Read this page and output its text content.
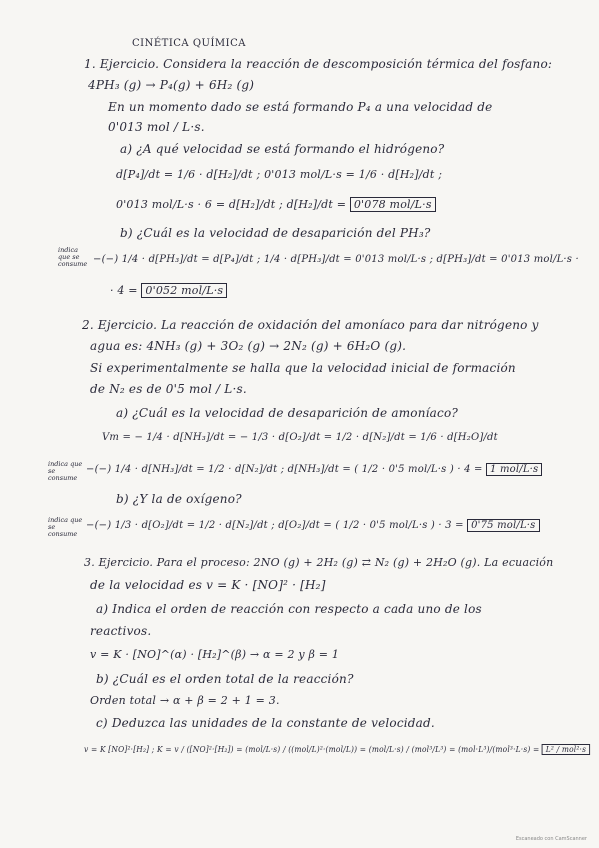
CINÉTICA QUÍMICA
1. Ejercicio. Considera la reacción de descomposición térmica del fosfano:
4PH₃ (g) → P₄(g) + 6H₂ (g)
En un momento dado se está formando P₄ a una velocidad de
0'013 mol / L·s.
a) ¿A qué velocidad se está formando el hidrógeno?
d[P₄]/dt = 1/6 · d[H₂]/dt ; 0'013 mol/L·s = 1/6 · d[H₂]/dt ;
0'013 mol/L·s · 6 = d[H₂]/dt ; d[H₂]/dt = 0'078 mol/L·s
b) ¿Cuál es la velocidad de desaparición del PH₃?
indica que se consume −(−) 1/4 · d[PH₃]/dt = d[P₄]/dt ; 1/4 · d[PH₃]/dt = 0'013 mol/L·s ; d[PH₃]/dt = 0'013 mol/L·s ·
· 4 = 0'052 mol/L·s
2. Ejercicio. La reacción de oxidación del amoníaco para dar nitrógeno y
agua es: 4NH₃ (g) + 3O₂ (g) → 2N₂ (g) + 6H₂O (g).
Si experimentalmente se halla que la velocidad inicial de formación
de N₂ es de 0'5 mol / L·s.
a) ¿Cuál es la velocidad de desaparición de amoníaco?
Vm = − 1/4 · d[NH₃]/dt = − 1/3 · d[O₂]/dt = 1/2 · d[N₂]/dt = 1/6 · d[H₂O]/dt
indica que se consume
−(−) 1/4 · d[NH₃]/dt = 1/2 · d[N₂]/dt ; d[NH₃]/dt = ( 1/2 · 0'5 mol/L·s ) · 4 = 1 mol/L·s
b) ¿Y la de oxígeno?
indica que se consume
−(−) 1/3 · d[O₂]/dt = 1/2 · d[N₂]/dt ; d[O₂]/dt = ( 1/2 · 0'5 mol/L·s ) · 3 = 0'75 mol/L·s
3. Ejercicio. Para el proceso: 2NO (g) + 2H₂ (g) ⇄ N₂ (g) + 2H₂O (g). La ecuación
de la velocidad es v = K · [NO]² · [H₂]
a) Indica el orden de reacción con respecto a cada uno de los
reactivos.
v = K · [NO]^(α) · [H₂]^(β) → α = 2 y β = 1
b) ¿Cuál es el orden total de la reacción?
Orden total → α + β = 2 + 1 = 3.
c) Deduzca las unidades de la constante de velocidad.
v = K [NO]²·[H₂] ; K = v / ([NO]²·[H₂]) = (mol/L·s) / ((mol/L)²·(mol/L)) = (mol/L·s) / (mol³/L³) = (mol·L³)/(mol³·L·s) = L² / mol²·s
Escaneado con CamScanner
